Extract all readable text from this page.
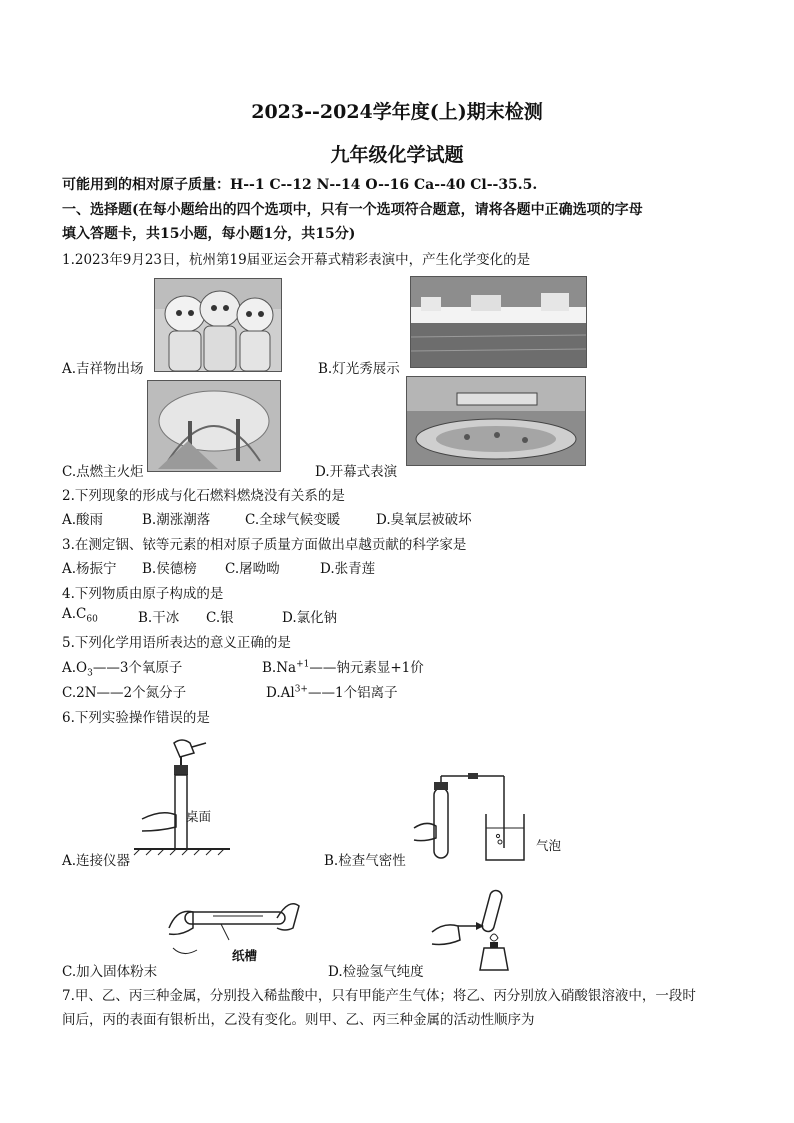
2023--2024学年度(上)期末检测
九年级化学试题
可能用到的相对原子质量：H--1 C--12 N--14 O--16 Ca--40 Cl--35.5.
一、选择题(在每小题给出的四个选项中，只有一个选项符合题意，请将各题中正确选项的字母
填入答题卡，共15小题，每小题1分，共15分)
1.2023年9月23日，杭州第19届亚运会开幕式精彩表演中，产生化学变化的是
A.吉祥物出场	B.灯光秀展示
C.点燃主火炬	D.开幕式表演
2.下列现象的形成与化石燃料燃烧没有关系的是
A.酸雨	B.潮涨潮落	C.全球气候变暖	D.臭氧层被破坏
3.在测定铟、铱等元素的相对原子质量方面做出卓越贡献的科学家是
A.杨振宁 B.侯德榜 C.屠呦呦	D.张青莲
4.下列物质由原子构成的是
$A.C_{60}$	B.干冰 C.银	D.氯化钠
5.下列化学用语所表达的意义正确的是
$A.O_3——3$个氧原子	$B.Na^{+1}——$钠元素显+1价
C.2N——2个氮分子	$D.Al^{3+}——1$个铝离子
6.下列实验操作错误的是
桌面
A.连接仪器
气泡
B.检查气密性
纸槽
C.加入固体粉末	D.检验氢气纯度
7.甲、乙、丙三种金属，分别投入稀盐酸中，只有甲能产生气体；将乙、丙分别放入硝酸银溶液中，一段时
间后，丙的表面有银析出，乙没有变化。则甲、乙、丙三种金属的活动性顺序为
